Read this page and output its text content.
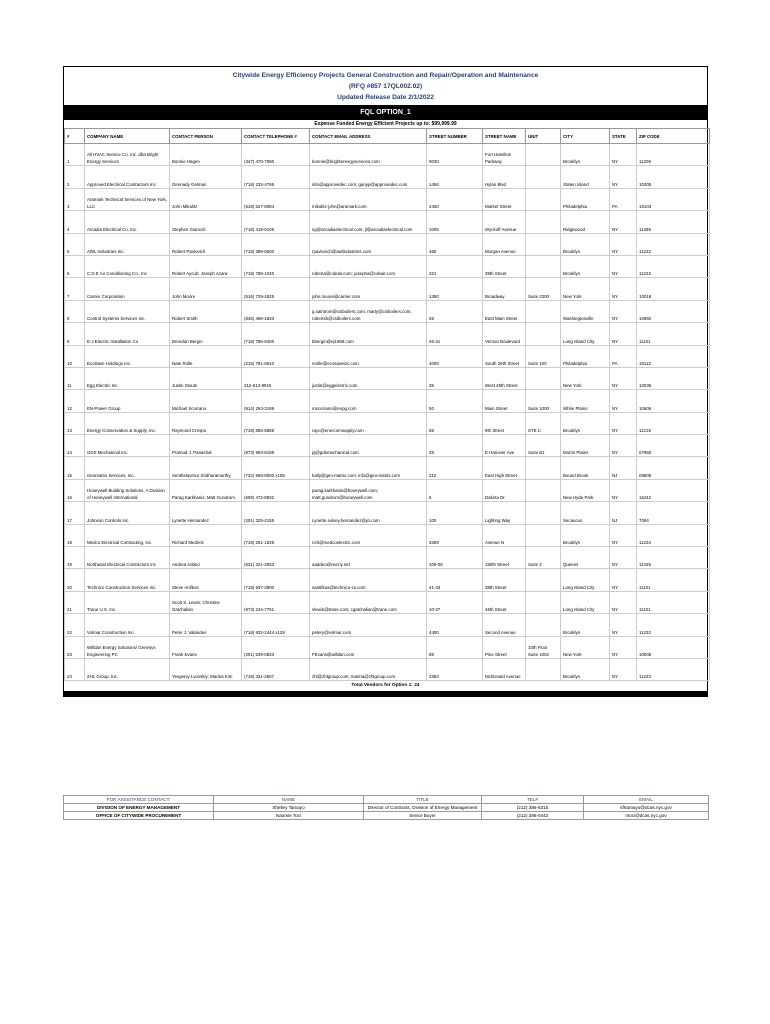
Citywide Energy Efficiency Projects General Construction and Repair/Operation and Maintenance
(RFQ #857 17QL002.02)
Updated Release Date 2/1/2022
FQL OPTION_1
Expense Funded Energy Efficient Projects up to: $99,999.99
#	COMPANY NAME	CONTACT PERSON	CONTACT TELEPHONE #	CONTACT EMAIL ADDRESS	STREET NUMBER	STREET NAME	UNIT	CITY	STATE	ZIP CODE
1	All HVAC Service Co. Inc. dba Bright Energy Services	Bonnie Hagen	(347) 470-7080	bonnie@brightenergyservices.com	9030	Fort Hamilton Parkway		Brooklyn	NY	11209
2	Approved Electrical Contractors Inc.	Gennady Gelman	(718) 232-4786	info@approvedec.com; ganyp@approvedec.com	1456	Hylan Blvd		Staten Island	NY	10305
3	Aramark Technical Services of New York, LLC	John Mikulitz	(518) 527-8094	mikulitz-john@aramark.com	2400	Market Street		Philadelphia	PA	19103
4	Arcadia Electrical Co. Inc.	Stephen Giancoli	(718) 418-0106	sg@arcadiaelectrical.com; jl@arcadiaelectrical.com	1005	Wyckoff Avenue		Ridgewood	NY	11385
5	AWL Industries Inc.	Robert Pavlovich	(718) 388-6500	rpavlovich@awlindustries.com	460	Morgan Avenue		Brooklyn	NY	11222
6	C.D.E Air Conditioning Co., Inc	Robert Aycub; Joseph Azara	(718) 788-1040	roberta@cdeair.com; josepha@cdeair.com	321	39th Street		Brooklyn	NY	11232
7	Carrier Corporation	John Moore	(516) 729-4525	john.moore@carrier.com	1350	Broadway	Suite 2300	New York	NY	10018
8	Control Systems Services Inc.	Robert Smith	(845) 496-1833	g.saintrom@csiboilers.com; marty@csiboilers.com; robertsh@csiboilers.com	65	East Main Street		Washingtonville	NY	10992
9	E-J Electric Installation Co	Brendon Bergin	(718) 786-9400	bbergin@ej1899.com	46-41	Vernon Boulevard		Long Island City	NY	11101
10	EcoSave Holdings Inc.	Nate Rolle	(215) 791-6810	nrolle@ecosaveinc.com	4000	South 26th Street	Suite 100	Philadelphia	PA	19112
11	Egg Electric Inc	Justin Stoute	212-613-9915	justin@eggelectric.com	35	West 45th Street		New York	NY	10036
12	EN-Power Group	Michael Scorrano	(914) 263-3199	mscorrano@enpg.com	50	Main Street	Suite 1000	White Plains	NY	10606
13	Energy Conservation & Supply, Inc.	Raymond Crespo	(718) 855-5888	rayc@enercomsupply.com	55	9th Street	STE C	Brooklyn	NY	11215
14	GDS Mechanical Inc.	Pramod J. Panachal	(973) 993-8199	pj@gdsmechanical.com	39	E Hanover Ave	Suite B1	Morris Plains	NY	07950
15	Geomatrix Services, Inc.	Senthelavrnur Sridharamurthy	(732) 568-8000 x106	bally@geo-matrix.com; info@geo-matrix.com	210	East High Street		Bound Brook	NJ	08805
16	Honeywell Building Solutions, A Division of Honeywell International	Parag Karkhanis; Matt Gundrum	(609) 472-8932	parag.karkhanis@honeywell.com; matt.gundrum@honeywell.com	5	Dakota Dr.		New Hyde Park	NY	11042
17	Johnson Controls Inc.	Lynette Hernandez	(201) 325-4155	Lynette.sulvey.hernandez@jci.com	100	Lighting Way		Secaucus	NJ	7094
18	Medco Electrical Contracting, Inc.	Richard Medrick	(718) 251-1535	rich@medcoelectric.com	3309	Avenue N		Brooklyn	NY	11234
19	Northeast Electrical Contractors Inc	Andrea Addeo	(631) 321-2933	aaddeo@necny.net	105-08	150th Street	Suite 2	Queens	NY	11435
20	Technico Construction Services Inc.	Steve Anifkos	(718) 937-3800	santifkos@technico-cs.com	41-33	38th Street		Long Island City	NY	11101
21	Trane U.S. Inc.	Scott S. Lewin; Christine Gatchalian	(973) 244-7751	slewin@trane.com; cgatchalian@trane.com	10-27	46th Street		Long Island City	NY	11101
22	Volmar Construction Inc.	Peter J. Valandes	(718) 832-2444 x129	petery@volmar.com	4400	Second Avenue		Brooklyn	NY	11232
23	Willdan Energy Solutions/ Genesys Engineering PC	Frank Evans	(201) 539-0833	FEvans@willdan.com	88	Pine Street	10th Floor Suite 1002	New York	NY	10005
24	ZHL Group, Inc.	Yevgeniy Lvovskiy; Marina Kim	(718) 331-2807	zhl@zhlgroup.com; marina@zhlgroup.com	2383	McDonald Avenue		Brooklyn	NY	11223
Total Vendors for Option 1: 24
FOR ASSISTANCE CONTACT:	NAME	TITLE	TEL#	EMAIL
DIVISION OF ENERGY MANAGEMENT	Shelley Tamayo	Director of Contracts, Division of Energy Management	(212) 386-6315	sfrtamayo@dcas.nyc.gov
OFFICE OF CITYWIDE PROCUREMENT	Naomie Toci	Senior Buyer	(212) 386-0442	ntoci@dcas.nyc.gov
